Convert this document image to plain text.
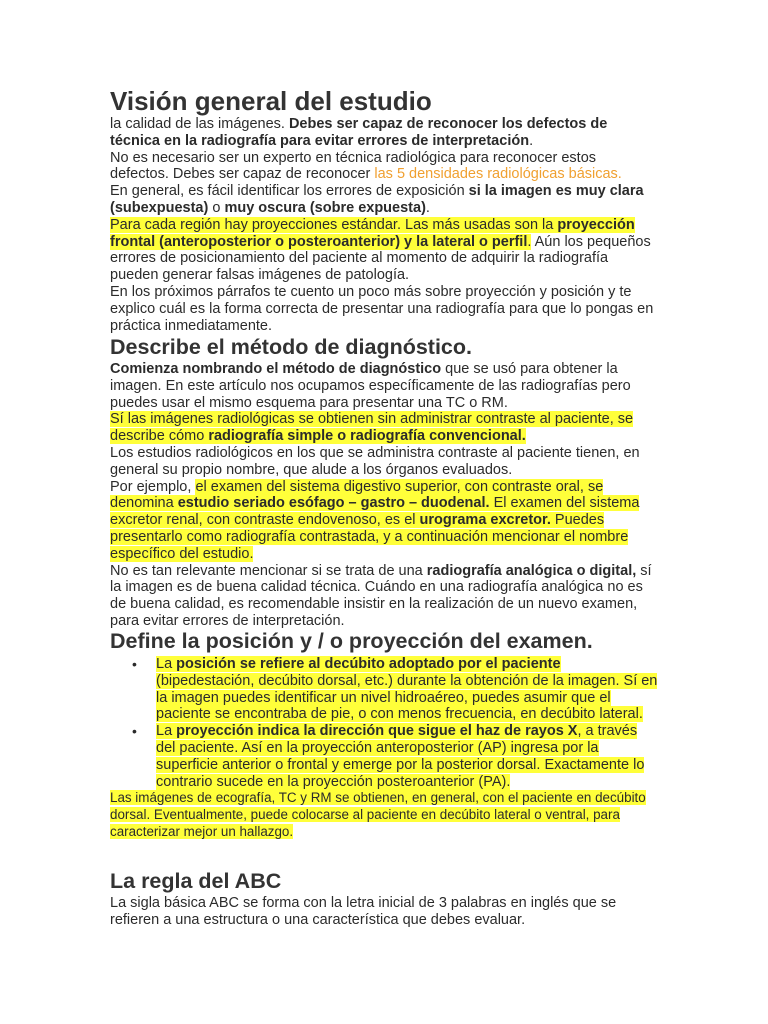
Visión general del estudio

la calidad de las imágenes. Debes ser capaz de reconocer los defectos de técnica en la radiografía para evitar errores de interpretación.

No es necesario ser un experto en técnica radiológica para reconocer estos defectos. Debes ser capaz de reconocer las 5 densidades radiológicas básicas.

En general, es fácil identificar los errores de exposición si la imagen es muy clara (subexpuesta) o muy oscura (sobre expuesta).

Para cada región hay proyecciones estándar. Las más usadas son la proyección frontal (anteroposterior o posteroanterior) y la lateral o perfil. Aún los pequeños errores de posicionamiento del paciente al momento de adquirir la radiografía pueden generar falsas imágenes de patología.

En los próximos párrafos te cuento un poco más sobre proyección y posición y te explico cuál es la forma correcta de presentar una radiografía para que lo pongas en práctica inmediatamente.

Describe el método de diagnóstico.

Comienza nombrando el método de diagnóstico que se usó para obtener la imagen. En este artículo nos ocupamos específicamente de las radiografías pero puedes usar el mismo esquema para presentar una TC o RM.

Sí las imágenes radiológicas se obtienen sin administrar contraste al paciente, se describe cómo radiografía simple o radiografía convencional.

Los estudios radiológicos en los que se administra contraste al paciente tienen, en general su propio nombre, que alude a los órganos evaluados.

Por ejemplo, el examen del sistema digestivo superior, con contraste oral, se denomina estudio seriado esófago – gastro – duodenal. El examen del sistema excretor renal, con contraste endovenoso, es el urograma excretor. Puedes presentarlo como radiografía contrastada, y a continuación mencionar el nombre específico del estudio.

No es tan relevante mencionar si se trata de una radiografía analógica o digital, sí la imagen es de buena calidad técnica. Cuándo en una radiografía analógica no es de buena calidad, es recomendable insistir en la realización de un nuevo examen, para evitar errores de interpretación.

Define la posición y / o proyección del examen.
• La posición se refiere al decúbito adoptado por el paciente (bipedestación, decúbito dorsal, etc.) durante la obtención de la imagen. Sí en la imagen puedes identificar un nivel hidroaéreo, puedes asumir que el paciente se encontraba de pie, o con menos frecuencia, en decúbito lateral.
• La proyección indica la dirección que sigue el haz de rayos X, a través del paciente. Así en la proyección anteroposterior (AP) ingresa por la superficie anterior o frontal y emerge por la posterior dorsal. Exactamente lo contrario sucede en la proyección posteroanterior (PA).

Las imágenes de ecografía, TC y RM se obtienen, en general, con el paciente en decúbito dorsal. Eventualmente, puede colocarse al paciente en decúbito lateral o ventral, para caracterizar mejor un hallazgo.

La regla del ABC

La sigla básica ABC se forma con la letra inicial de 3 palabras en inglés que se refieren a una estructura o una característica que debes evaluar.
